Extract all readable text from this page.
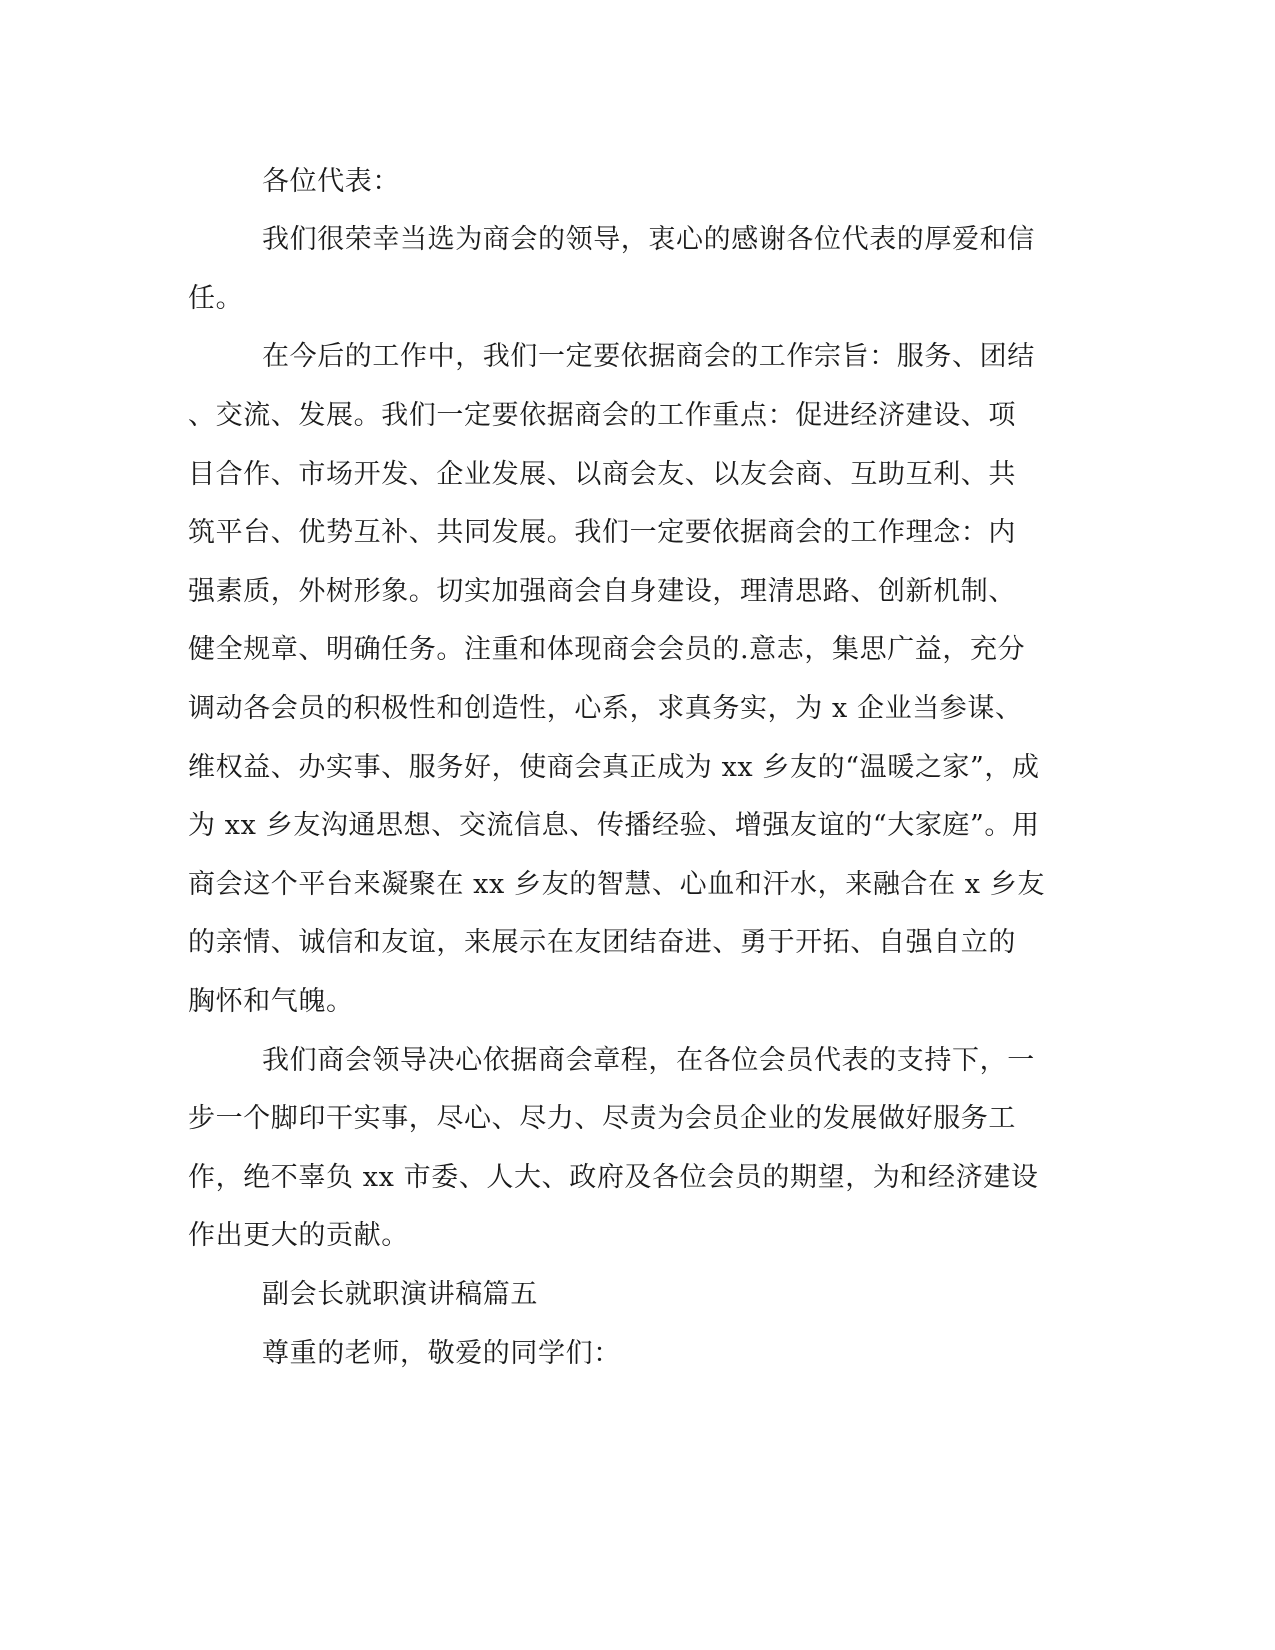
各位代表：
我们很荣幸当选为商会的领导，衷心的感谢各位代表的厚爱和信
任。
在今后的工作中，我们一定要依据商会的工作宗旨：服务、团结
、交流、发展。我们一定要依据商会的工作重点：促进经济建设、项
目合作、市场开发、企业发展、以商会友、以友会商、互助互利、共
筑平台、优势互补、共同发展。我们一定要依据商会的工作理念：内
强素质，外树形象。切实加强商会自身建设，理清思路、创新机制、
健全规章、明确任务。注重和体现商会会员的.意志，集思广益，充分
调动各会员的积极性和创造性，心系，求真务实，为 x 企业当参谋、
维权益、办实事、服务好，使商会真正成为 xx 乡友的“温暖之家”，成
为 xx 乡友沟通思想、交流信息、传播经验、增强友谊的“大家庭”。用
商会这个平台来凝聚在 xx 乡友的智慧、心血和汗水，来融合在 x 乡友
的亲情、诚信和友谊，来展示在友团结奋进、勇于开拓、自强自立的
胸怀和气魄。
我们商会领导决心依据商会章程，在各位会员代表的支持下，一
步一个脚印干实事，尽心、尽力、尽责为会员企业的发展做好服务工
作，绝不辜负 xx 市委、人大、政府及各位会员的期望，为和经济建设
作出更大的贡献。
副会长就职演讲稿篇五
尊重的老师，敬爱的同学们：
